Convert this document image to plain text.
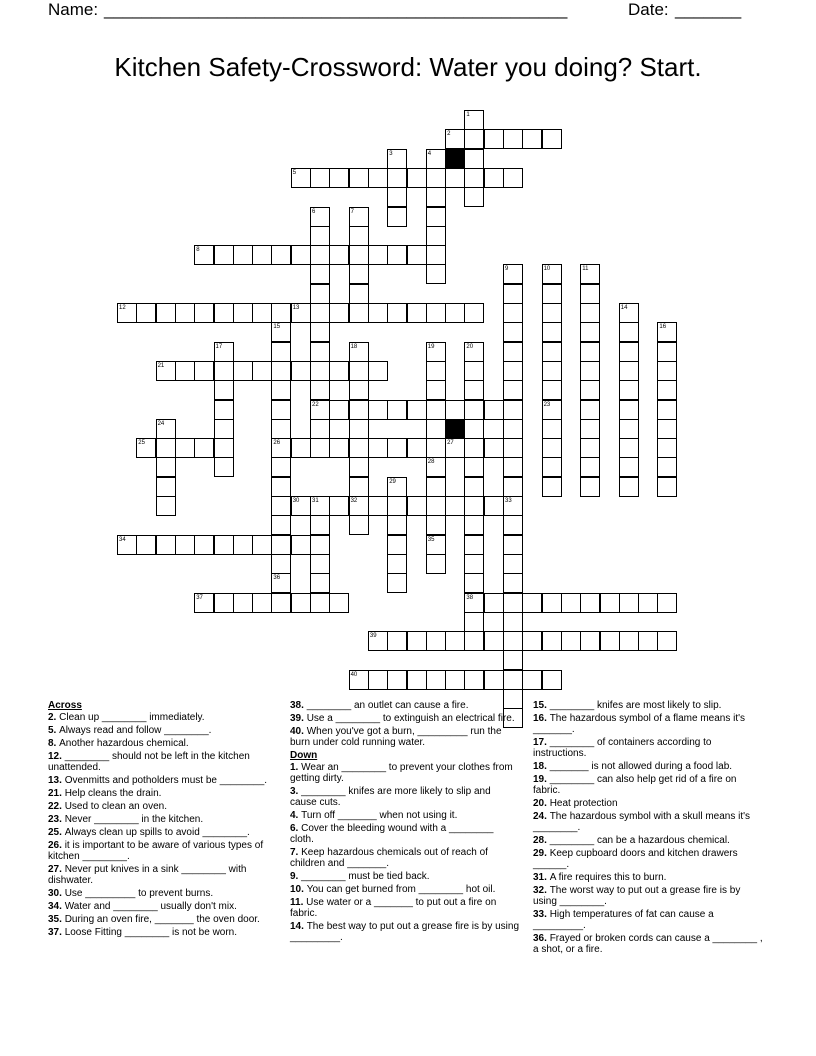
Name: _________________________________________________	Date: _______
Kitchen Safety-Crossword: Water you doing? Start.
2
5
8
12	13
21
22
25	26	27
30 31	32
34
37	38
39
40
1
3	4
6	7
9	10
23
11
14
16
15
36
17	18	19
28
35
20
24
29
33
Across
2. Clean up ________ immediately.
5. Always read and follow ________.
8. Another hazardous chemical.
12. ________ should not be left in the kitchen unattended.
13. Ovenmitts and potholders must be ________.
21. Help cleans the drain.
22. Used to clean an oven.
23. Never ________ in the kitchen.
25. Always clean up spills to avoid ________.
26. it is important to be aware of various types of kitchen ________.
27. Never put knives in a sink ________ with dishwater.
30. Use _________ to prevent burns.
34. Water and ________ usually don't mix.
35. During an oven fire, _______ the oven door.
37. Loose Fitting ________ is not be worn.
38. ________ an outlet can cause a fire.
39. Use a ________ to extinguish an electrical fire.
40. When you've got a burn, _________ run the burn under cold running water.
Down
1. Wear an ________ to prevent your clothes from getting dirty.
3. ________ knifes are more likely to slip and cause cuts.
4. Turn off _______ when not using it.
6. Cover the bleeding wound with a ________ cloth.
7. Keep hazardous chemicals out of reach of children and _______.
9. ________ must be tied back.
10. You can get burned from ________ hot oil.
11. Use water or a _______ to put out a fire on fabric.
14. The best way to put out a grease fire is by using _________.
15. ________ knifes are most likely to slip.
16. The hazardous symbol of a flame means it's _______.
17. ________ of containers according to instructions.
18. _______ is not allowed during a food lab.
19. ________ can also help get rid of a fire on fabric.
20. Heat protection
24. The hazardous symbol with a skull means it's ________.
28. ________ can be a hazardous chemical.
29. Keep cupboard doors and kitchen drawers ______.
31. A fire requires this to burn.
32. The worst way to put out a grease fire is by using ________.
33. High temperatures of fat can cause a _________.
36. Frayed or broken cords can cause a ________ , a shot, or a fire.
